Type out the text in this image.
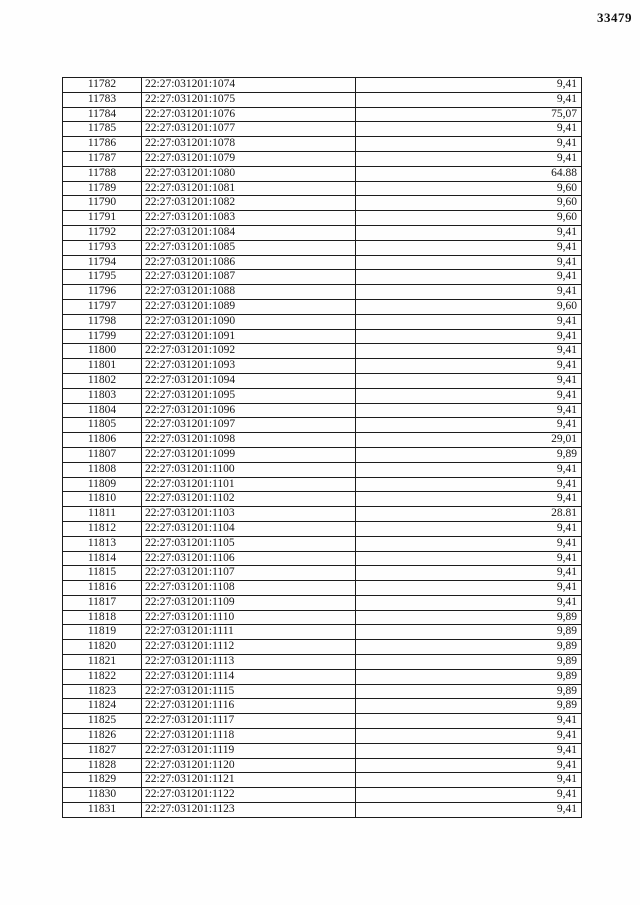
33479
11782	22:27:031201:1074	9,41
11783	22:27:031201:1075	9,41
11784	22:27:031201:1076	75,07
11785	22:27:031201:1077	9,41
11786	22:27:031201:1078	9,41
11787	22:27:031201:1079	9,41
11788	22:27:031201:1080	64.88
11789	22:27:031201:1081	9,60
11790	22:27:031201:1082	9,60
11791	22:27:031201:1083	9,60
11792	22:27:031201:1084	9,41
11793	22:27:031201:1085	9,41
11794	22:27:031201:1086	9,41
11795	22:27:031201:1087	9,41
11796	22:27:031201:1088	9,41
11797	22:27:031201:1089	9,60
11798	22:27:031201:1090	9,41
11799	22:27:031201:1091	9,41
11800	22:27:031201:1092	9,41
11801	22:27:031201:1093	9,41
11802	22:27:031201:1094	9,41
11803	22:27:031201:1095	9,41
11804	22:27:031201:1096	9,41
11805	22:27:031201:1097	9,41
11806	22:27:031201:1098	29,01
11807	22:27:031201:1099	9,89
11808	22:27:031201:1100	9,41
11809	22:27:031201:1101	9,41
11810	22:27:031201:1102	9,41
11811	22:27:031201:1103	28.81
11812	22:27:031201:1104	9,41
11813	22:27:031201:1105	9,41
11814	22:27:031201:1106	9,41
11815	22:27:031201:1107	9,41
11816	22:27:031201:1108	9,41
11817	22:27:031201:1109	9,41
11818	22:27:031201:1110	9,89
11819	22:27:031201:1111	9,89
11820	22:27:031201:1112	9,89
11821	22:27:031201:1113	9,89
11822	22:27:031201:1114	9,89
11823	22:27:031201:1115	9,89
11824	22:27:031201:1116	9,89
11825	22:27:031201:1117	9,41
11826	22:27:031201:1118	9,41
11827	22:27:031201:1119	9,41
11828	22:27:031201:1120	9,41
11829	22:27:031201:1121	9,41
11830	22:27:031201:1122	9,41
11831	22:27:031201:1123	9,41
